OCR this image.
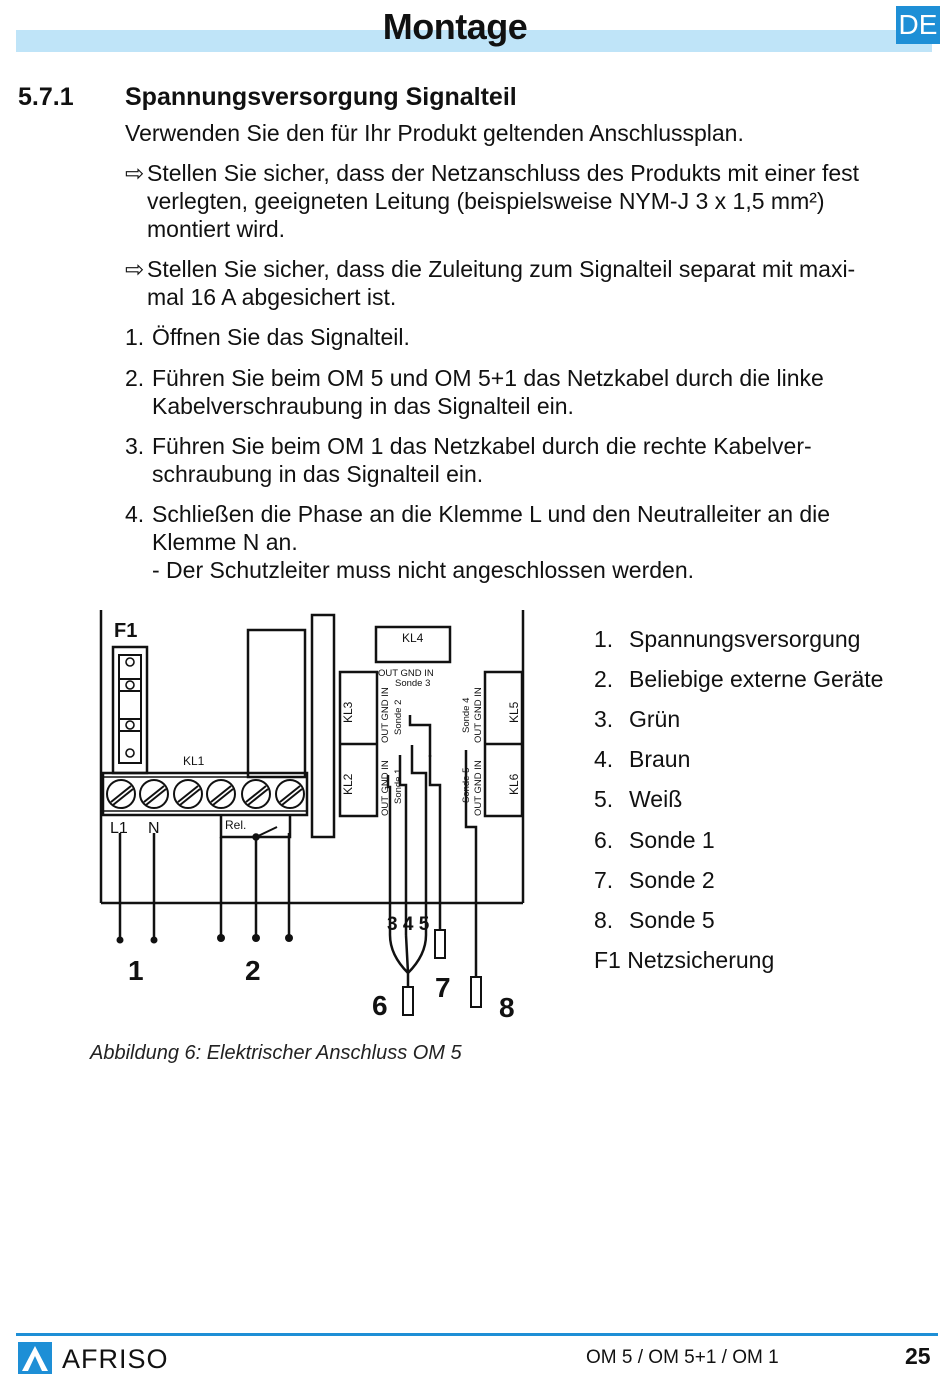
Montage	DE
5.7.1 Spannungsversorgung Signalteil
Verwenden Sie den für Ihr Produkt geltenden Anschlussplan.
⇨ Stellen Sie sicher, dass der Netzanschluss des Produkts mit einer fest
verlegten, geeigneten Leitung (beispielsweise NYM-J 3 x 1,5 mm²)
montiert wird.
⇨ Stellen Sie sicher, dass die Zuleitung zum Signalteil separat mit maxi-
mal 16 A abgesichert ist.
1. Öffnen Sie das Signalteil.
2. Führen Sie beim OM 5 und OM 5+1 das Netzkabel durch die linke
Kabelverschraubung in das Signalteil ein.
3. Führen Sie beim OM 1 das Netzkabel durch die rechte Kabelver-
schraubung in das Signalteil ein.
4. Schließen die Phase an die Klemme L und den Neutralleiter an die
Klemme N an.
- Der Schutzleiter muss nicht angeschlossen werden.
F1
KL1
KL4
OUT GND IN
Sonde 3
L1 N	Rel.
KL3
KL2
KL5
KL6
OUT GND IN
OUT GND IN
OUT GND IN
OUT GND IN
Sonde 2
Sonde 1
Sonde 4
Sonde 5
3 4 5
1	2
6
7
8
1. Spannungsversorgung
2. Beliebige externe Geräte
3. Grün
4. Braun
5. Weiß
6. Sonde 1
7. Sonde 2
8. Sonde 5
F1 Netzsicherung
Abbildung 6: Elektrischer Anschluss OM 5
AFRISO	OM 5 / OM 5+1 / OM 1	25
